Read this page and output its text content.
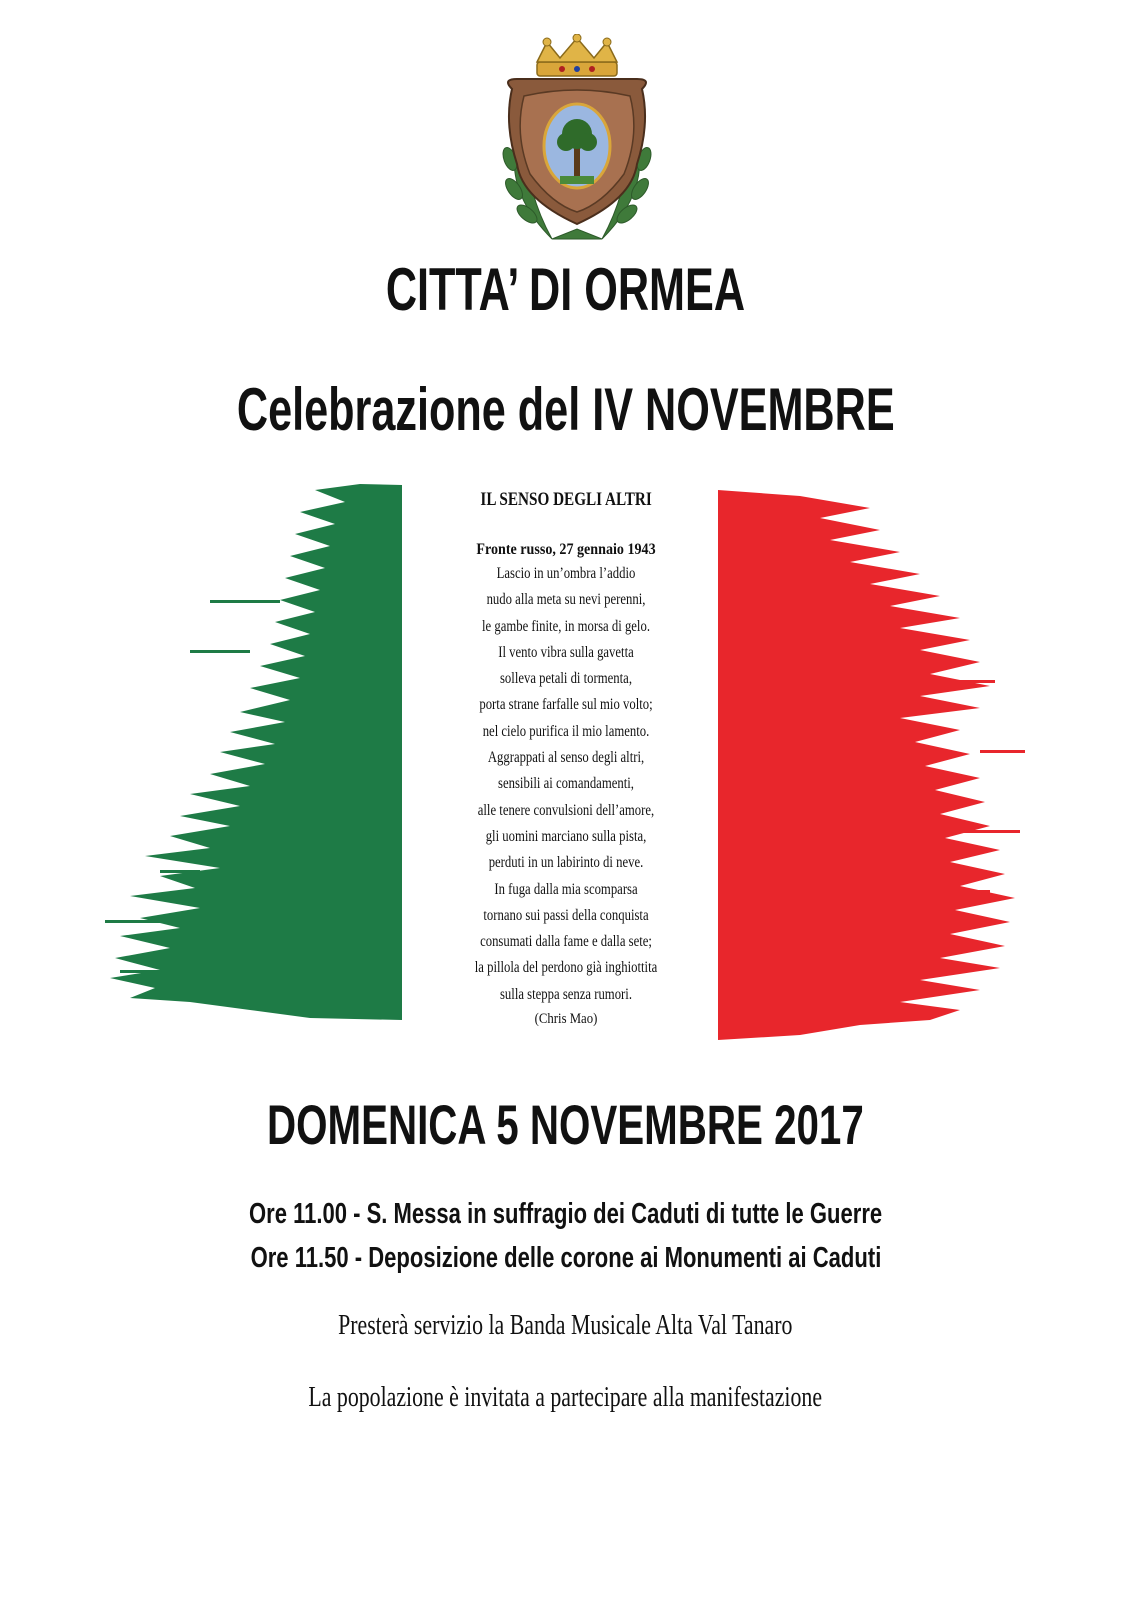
CITTA’ DI ORMEA
Celebrazione del IV NOVEMBRE
IL SENSO DEGLI ALTRI
Fronte russo, 27 gennaio 1943
Lascio in un’ombra l’addio
nudo alla meta su nevi perenni,
le gambe finite, in morsa di gelo.
Il vento vibra sulla gavetta
solleva petali di tormenta,
porta strane farfalle sul mio volto;
nel cielo purifica il mio lamento.
Aggrappati al senso degli altri,
sensibili ai comandamenti,
alle tenere convulsioni dell’amore,
gli uomini marciano sulla pista,
perduti in un labirinto di neve.
In fuga dalla mia scomparsa
tornano sui passi della conquista
consumati dalla fame e dalla sete;
la pillola del perdono già inghiottita
sulla steppa senza rumori.
(Chris Mao)
DOMENICA 5 NOVEMBRE 2017
Ore 11.00 - S. Messa in suffragio dei Caduti di tutte le Guerre
Ore 11.50 - Deposizione delle corone ai Monumenti ai Caduti
Presterà servizio la Banda Musicale Alta Val Tanaro
La popolazione è invitata a partecipare alla manifestazione
